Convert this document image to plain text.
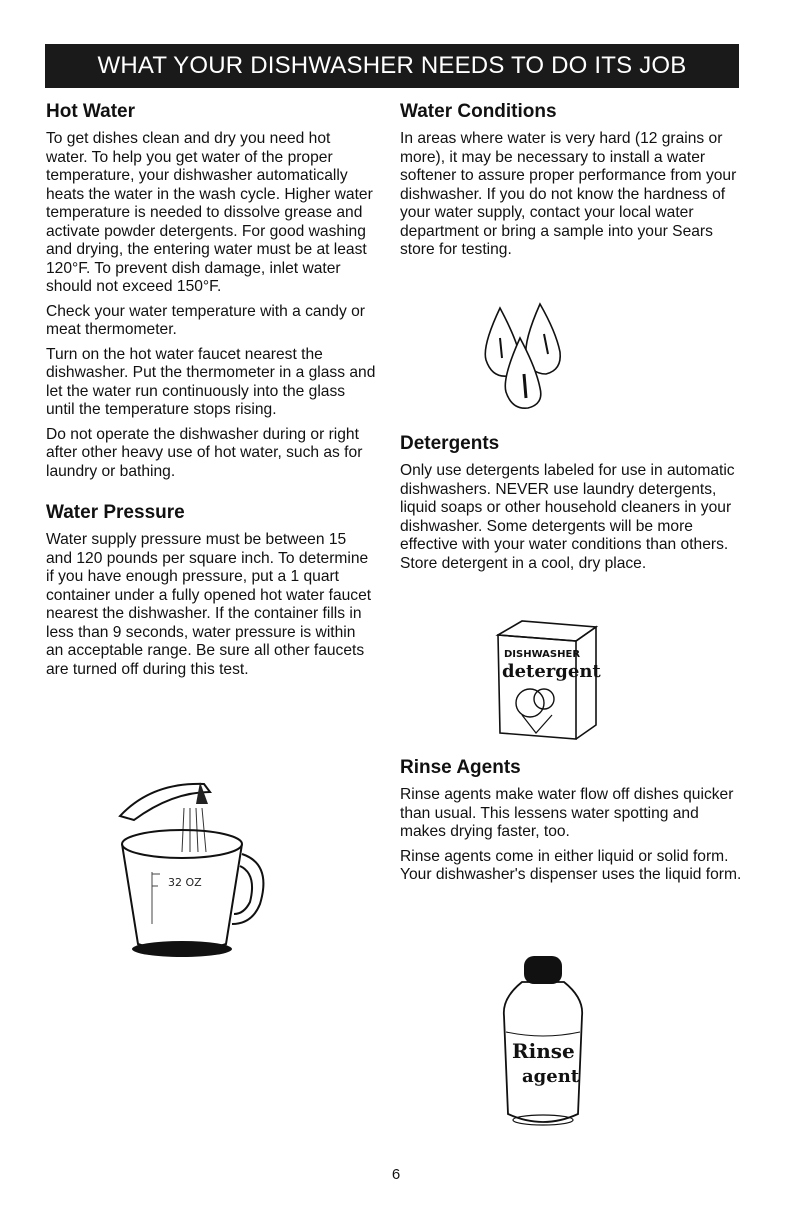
WHAT YOUR DISHWASHER NEEDS TO DO ITS JOB
Hot Water

To get dishes clean and dry you need hot water. To help you get water of the proper temperature, your dishwasher automatically heats the water in the wash cycle. Higher water temperature is needed to dissolve grease and activate powder detergents. For good washing and drying, the entering water must be at least 120°F. To prevent dish damage, inlet water should not exceed 150°F.

Check your water temperature with a candy or meat thermometer.

Turn on the hot water faucet nearest the dishwasher. Put the thermometer in a glass and let the water run continuously into the glass until the temperature stops rising.

Do not operate the dishwasher during or right after other heavy use of hot water, such as for laundry or bathing.

Water Pressure

Water supply pressure must be between 15 and 120 pounds per square inch. To determine if you have enough pressure, put a 1 quart container under a fully opened hot water faucet nearest the dishwasher. If the container fills in less than 9 seconds, water pressure is within an acceptable range. Be sure all other faucets are turned off during this test.

32 OZ
Water Conditions

In areas where water is very hard (12 grains or more), it may be necessary to install a water softener to assure proper performance from your dishwasher. If you do not know the hardness of your water supply, contact your local water department or bring a sample into your Sears store for testing.

Detergents

Only use detergents labeled for use in automatic dishwashers. NEVER use laundry detergents, liquid soaps or other household cleaners in your dishwasher. Some detergents will be more effective with your water conditions than others. Store detergent in a cool, dry place.

DISHWASHER
detergent
Rinse Agents

Rinse agents make water flow off dishes quicker than usual. This lessens water spotting and makes drying faster, too.

Rinse agents come in either liquid or solid form. Your dishwasher's dispenser uses the liquid form.

Rinse
agent
6
